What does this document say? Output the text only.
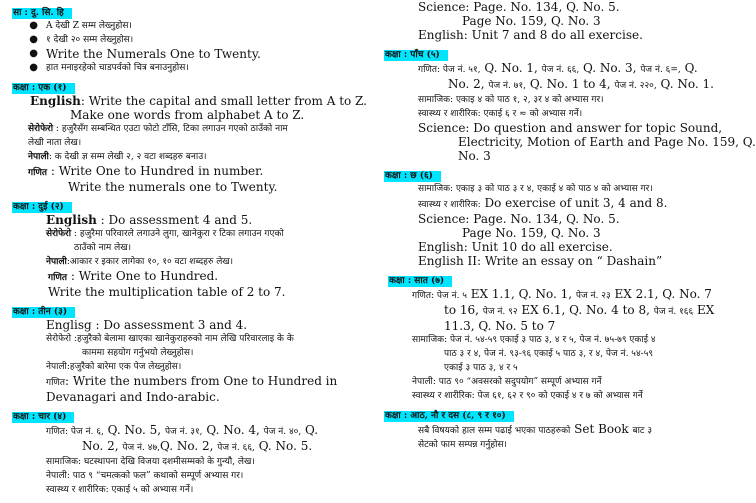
सा : दु. सि. हि
● A देखी Z सम्म लेख्नुहोस।
● १ देखी २० सम्म लेख्नुहोस।
● Write the Numerals One to Twenty.
● हात मनाइरहेको चाडपर्वको चित्र बनाउनुहोस।
कक्षा : एक (१)
English: Write the capital and small letter from A to Z.
Make one words from alphabet A to Z.
सेरोफेरो : हजुरैसँग सम्बन्धित एउटा फोटो टाँसि, टिका लगाउन गएको ठाउँको नाम
लेखी नाता लेख।
नेपाली: क देखी ज्ञ सम्म लेखी २, २ वटा शब्दहरु बनाउ।
गणित : Write One to Hundred in number.
Write the numerals one to Twenty.
कक्षा : दुई (२)
English : Do assessment 4 and 5.
सेरोफेरो : हजुरैमा परिवारले लगाउने लुगा, खानेकुरा र टिका लगाउन गएको
ठाउँको नाम लेख।
नेपाली:आकार र इकार लागेका १०, १० वटा शब्दहरु लेख।
गणित : Write One to Hundred.
Write the multiplication table of 2 to 7.
कक्षा : तीन (३)
Englisg : Do assessment 3 and 4.
सेरोफेरो :हजुरैको बेलामा खाएका खानेकुराहरुको नाम लेखि परिवारलाइ के के
काममा सहयोग गर्नुभयो लेख्नुहोस।
नेपाली:हजुरैको बारेमा एक पेज लेख्नुहोस।
गणित: Write the numbers from One to Hundred in
Devanagari and Indo-arabic.
कक्षा : चार (४)
गणित: पेज नं. ६, Q. No. 5, पेज नं. ३१, Q. No. 4, पेज नं. ४०, Q.
No. 2, पेज नं. ४७,Q. No. 2, पेज नं. ६६, Q. No. 5.
सामाजिक: घटस्थापना देखि विजया दशमीसम्मको के गुन्यौ, लेख।
नेपाली: पाठ ९ “चमत्कको फल” कथाको सम्पूर्ण अभ्यास गर।
स्वास्थ्य र शारीरिक: एकाई ५ को अभ्यास गर्ने।
Science: Page. No. 134, Q. No. 5.
Page No. 159, Q. No. 3
English: Unit 7 and 8 do all exercise.
कक्षा : पाँच (५)
गणित: पेज नं. ५१, Q. No. 1, पेज नं. ६६, Q. No. 3, पेज नं. ६=, Q.
No. 2, पेज नं. ७१, Q. No. 1 to 4, पेज नं. २२०, Q. No. 1.
सामाजिक: एकाइ ४ को पाठ १, २, ३र ४ को अभ्यास गर।
स्वास्थ्य र शारीरिक: एकाई ६ र ≂ को अभ्यास गर्ने।
Science: Do question and answer for topic Sound,
Electricity, Motion of Earth and Page No. 159, Q.
No. 3
कक्षा : छ (६)
सामाजिक: एकाइ ३ को पाठ ३ र ४, एकाई ४ को पाठ ४ को अभ्यास गर।
स्वास्थ्य र शारीरिक: Do exercise of unit 3, 4 and 8.
Science: Page. No. 134, Q. No. 5.
Page No. 159, Q. No. 3
English: Unit 10 do all exercise.
English II: Write an essay on “ Dashain”
कक्षा : सात (७)
गणित: पेज नं. ५ EX 1.1, Q. No. 1, पेज नं. २३ EX 2.1, Q. No. 7
to 16, पेज नं. ९२ EX 6.1, Q. No. 4 to 8, पेज नं. १६६ EX
11.3, Q. No. 5 to 7
सामाजिक: पेज नं. ५४-५९ एकाई ३ पाठ ३, ४ र ५, पेज नं. ७५-७९ एकाई ४
पाठ ३ र ४, पेज नं. ९३-९६ एकाई ५ पाठ ३, र ४, पेज नं. ५४-५९
एकाई ३ पाठ ३, ४ र ५
नेपाली: पाठ ९० “अवसरको सदुपयोग” सम्पूर्ण अभ्यास गर्ने
स्वास्थ्य र शारीरिक: पेज ६१, ६२ र ९० को एकाई ४ र ७ को अभ्यास गर्ने
कक्षा : आठ, नौ र दस (८, ९ र १०)
सबै विषयको हाल सम्म पढाई भएका पाठहरुको Set Book बाट ३
सेटको फाम सम्पन्न गर्नुहोस।
